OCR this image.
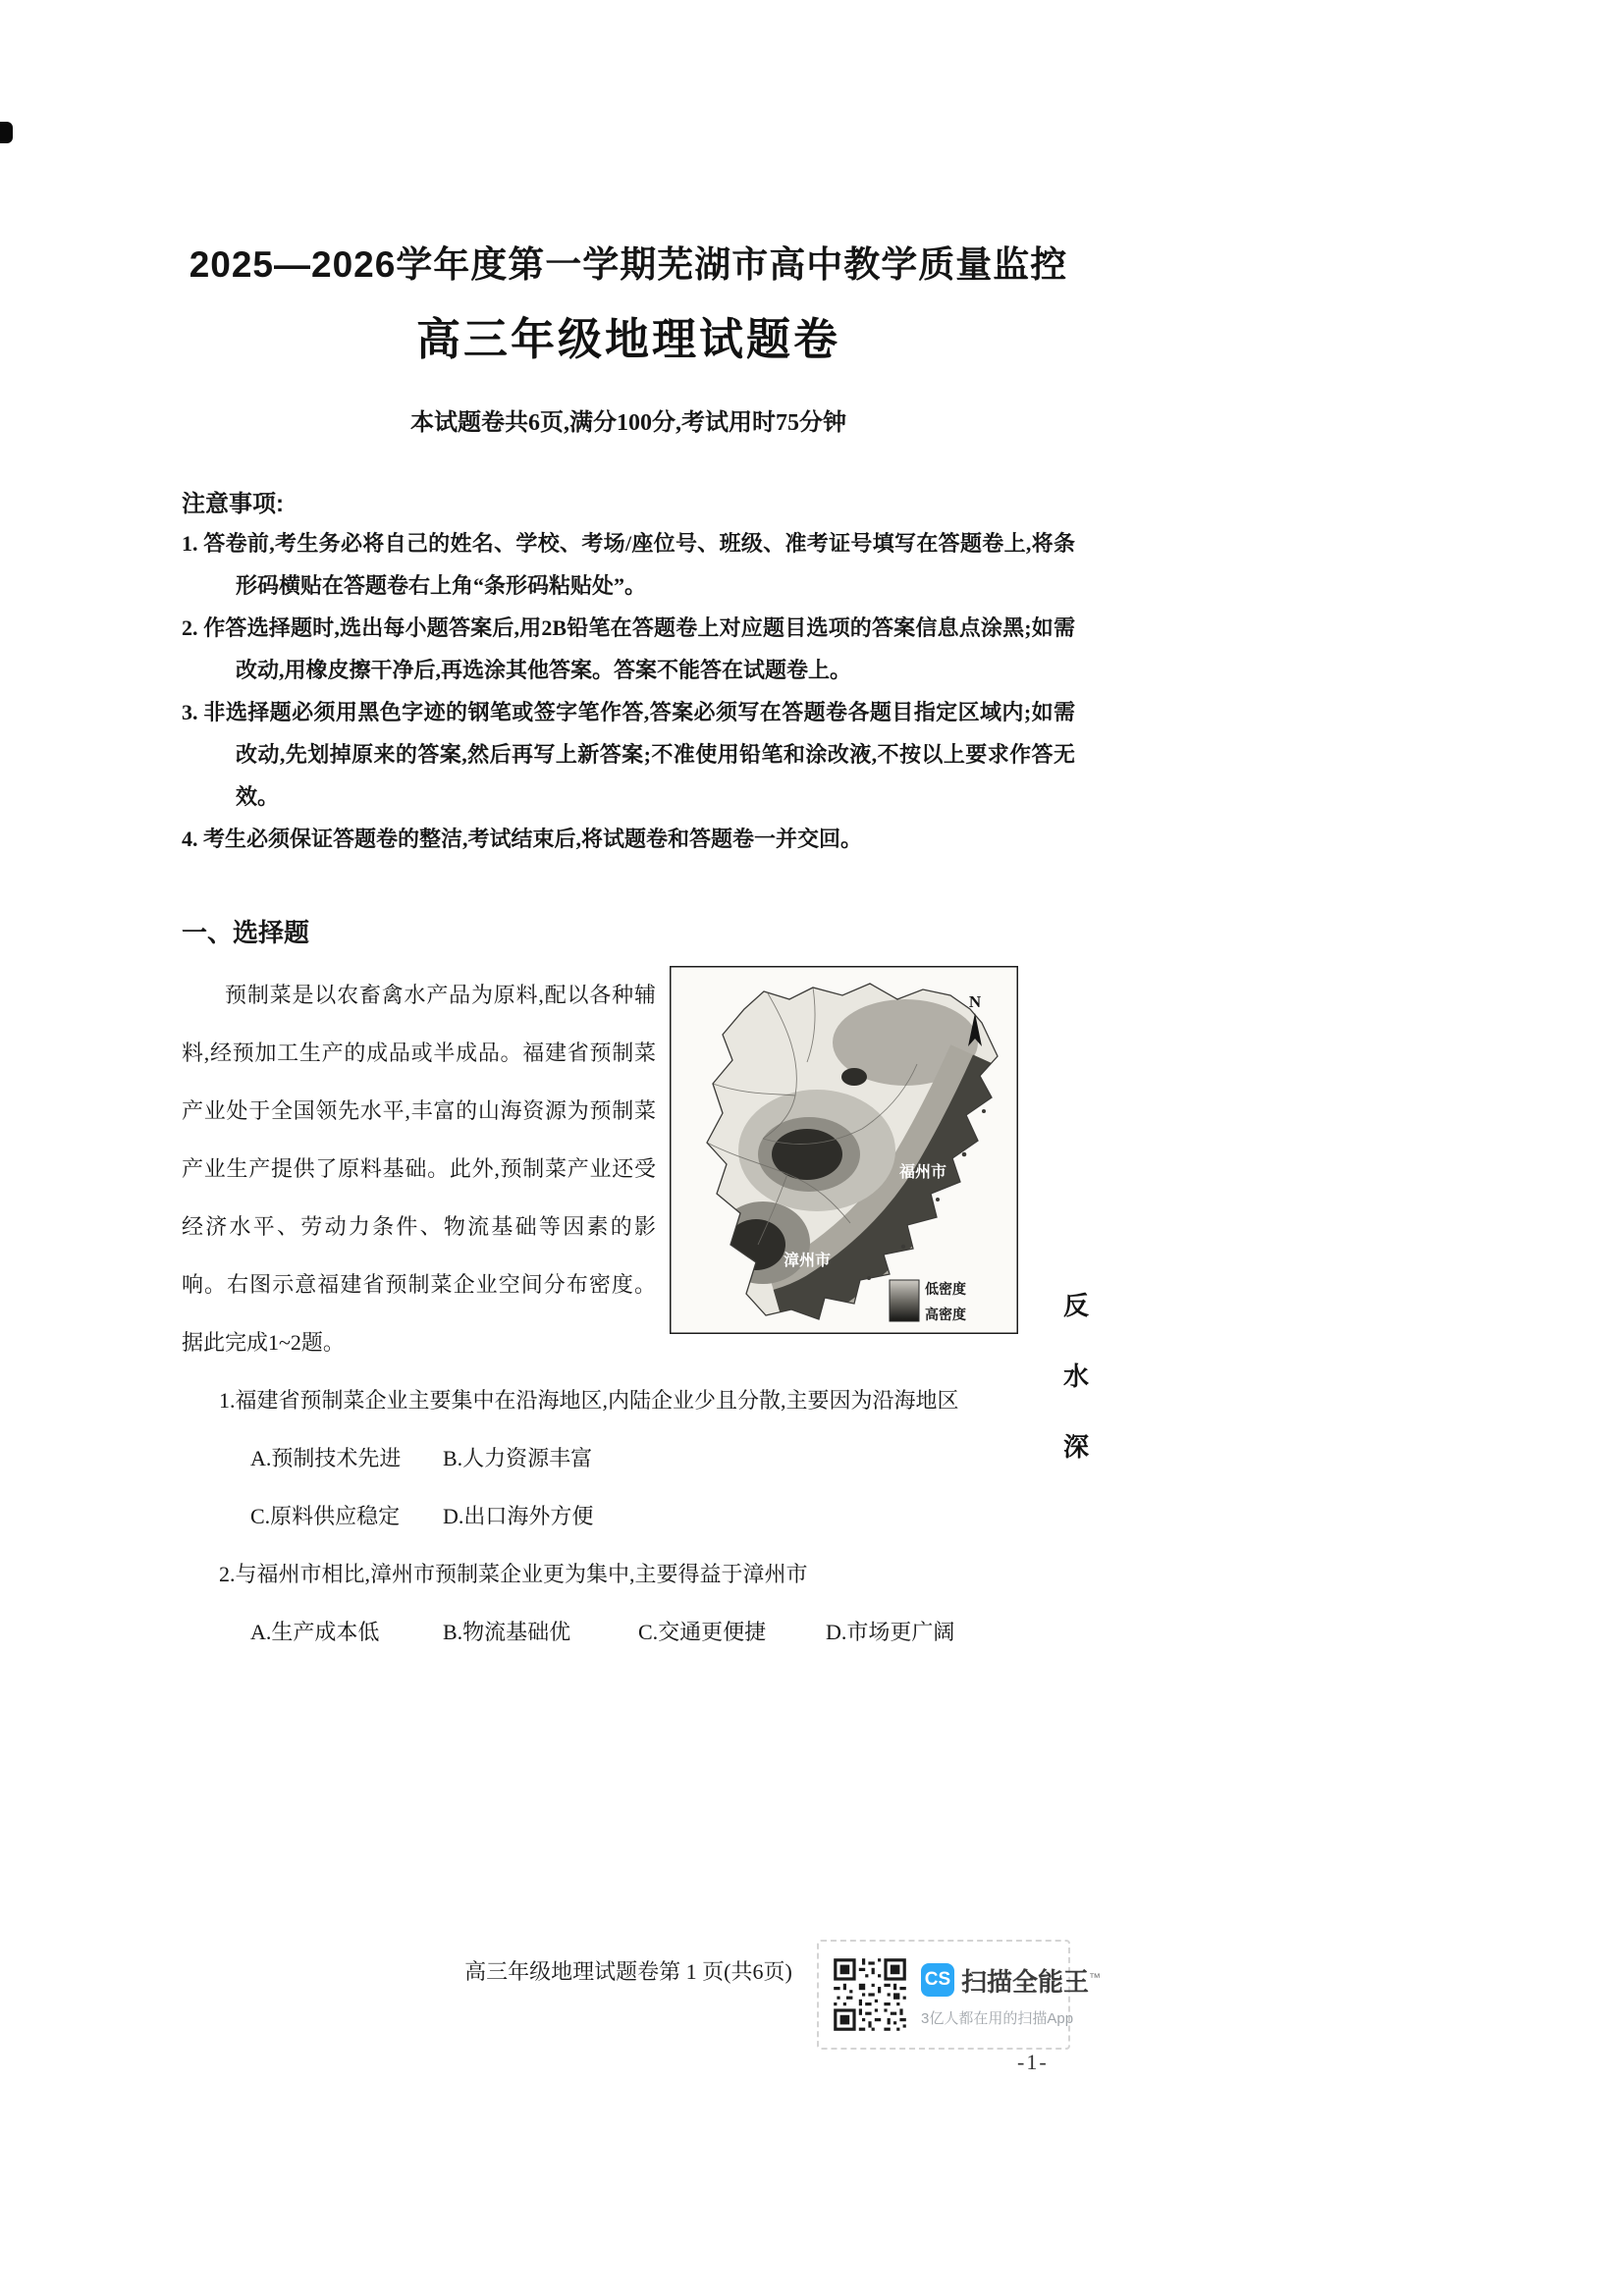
2025—2026学年度第一学期芜湖市高中教学质量监控
高三年级地理试题卷

本试题卷共6页,满分100分,考试用时75分钟

注意事项:

1. 答卷前,考生务必将自己的姓名、学校、考场/座位号、班级、准考证号填写在答题卷上,将条形码横贴在答题卷右上角“条形码粘贴处”。

2. 作答选择题时,选出每小题答案后,用2B铅笔在答题卷上对应题目选项的答案信息点涂黑;如需改动,用橡皮擦干净后,再选涂其他答案。答案不能答在试题卷上。

3. 非选择题必须用黑色字迹的钢笔或签字笔作答,答案必须写在答题卷各题目指定区域内;如需改动,先划掉原来的答案,然后再写上新答案;不准使用铅笔和涂改液,不按以上要求作答无效。

4. 考生必须保证答题卷的整洁,考试结束后,将试题卷和答题卷一并交回。

一、选择题
N
福州市
漳州市
低密度
高密度

预制菜是以农畜禽水产品为原料,配以各种辅料,经预加工生产的成品或半成品。福建省预制菜产业处于全国领先水平,丰富的山海资源为预制菜产业生产提供了原料基础。此外,预制菜产业还受经济水平、劳动力条件、物流基础等因素的影响。右图示意福建省预制菜企业空间分布密度。据此完成1~2题。

1.福建省预制菜企业主要集中在沿海地区,内陆企业少且分散,主要因为沿海地区

A.预制技术先进	B.人力资源丰富
C.原料供应稳定	D.出口海外方便

2.与福州市相比,漳州市预制菜企业更为集中,主要得益于漳州市

A.生产成本低	B.物流基础优	C.交通更便捷	D.市场更广阔
高三年级地理试题卷第 1 页(共6页)
-1-
反
水
深
CS 扫描全能王™
3亿人都在用的扫描App
